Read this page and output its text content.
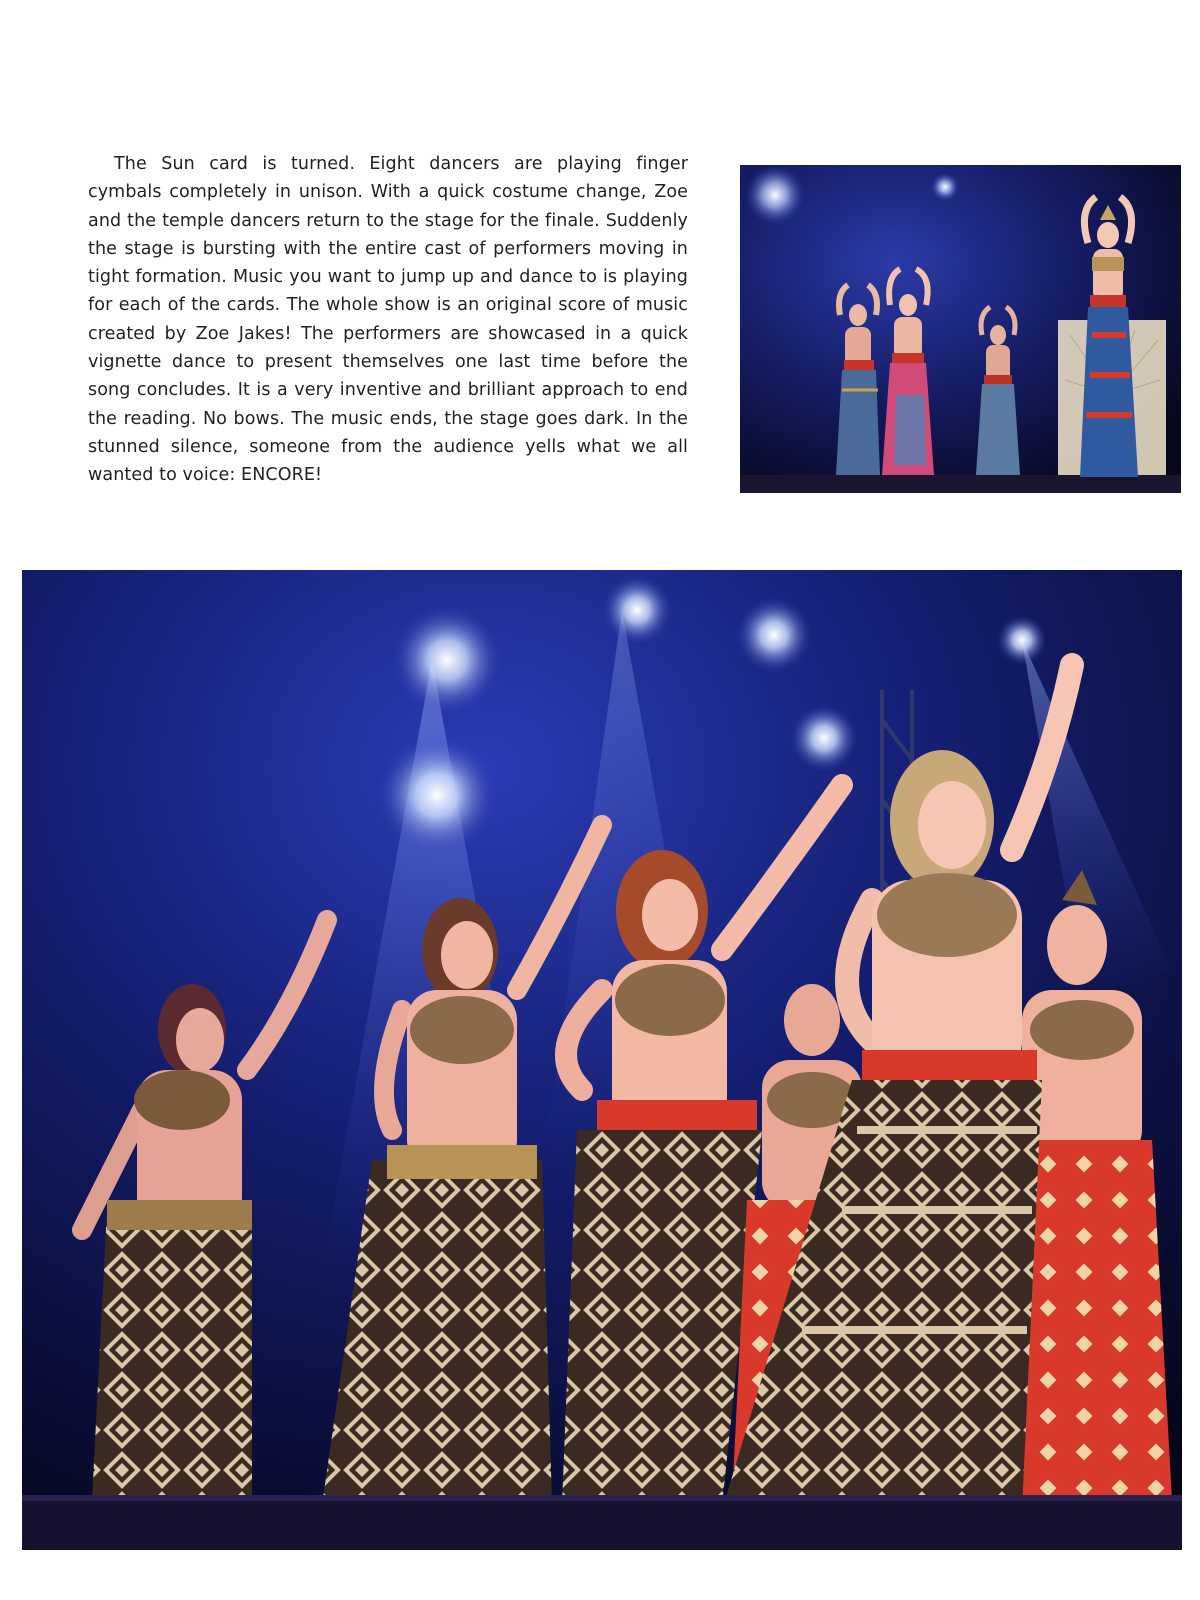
The Sun card is turned. Eight dancers are playing finger cymbals completely in unison. With a quick costume change, Zoe and the temple dancers return to the stage for the finale. Suddenly the stage is bursting with the entire cast of performers moving in tight formation. Music you want to jump up and dance to is playing for each of the cards. The whole show is an original score of music created by Zoe Jakes! The performers are showcased in a quick vignette dance to present themselves one last time before the song concludes. It is a very inventive and brilliant approach to end the reading. No bows. The music ends, the stage goes dark. In the stunned silence, someone from the audience yells what we all wanted to voice: ENCORE!
